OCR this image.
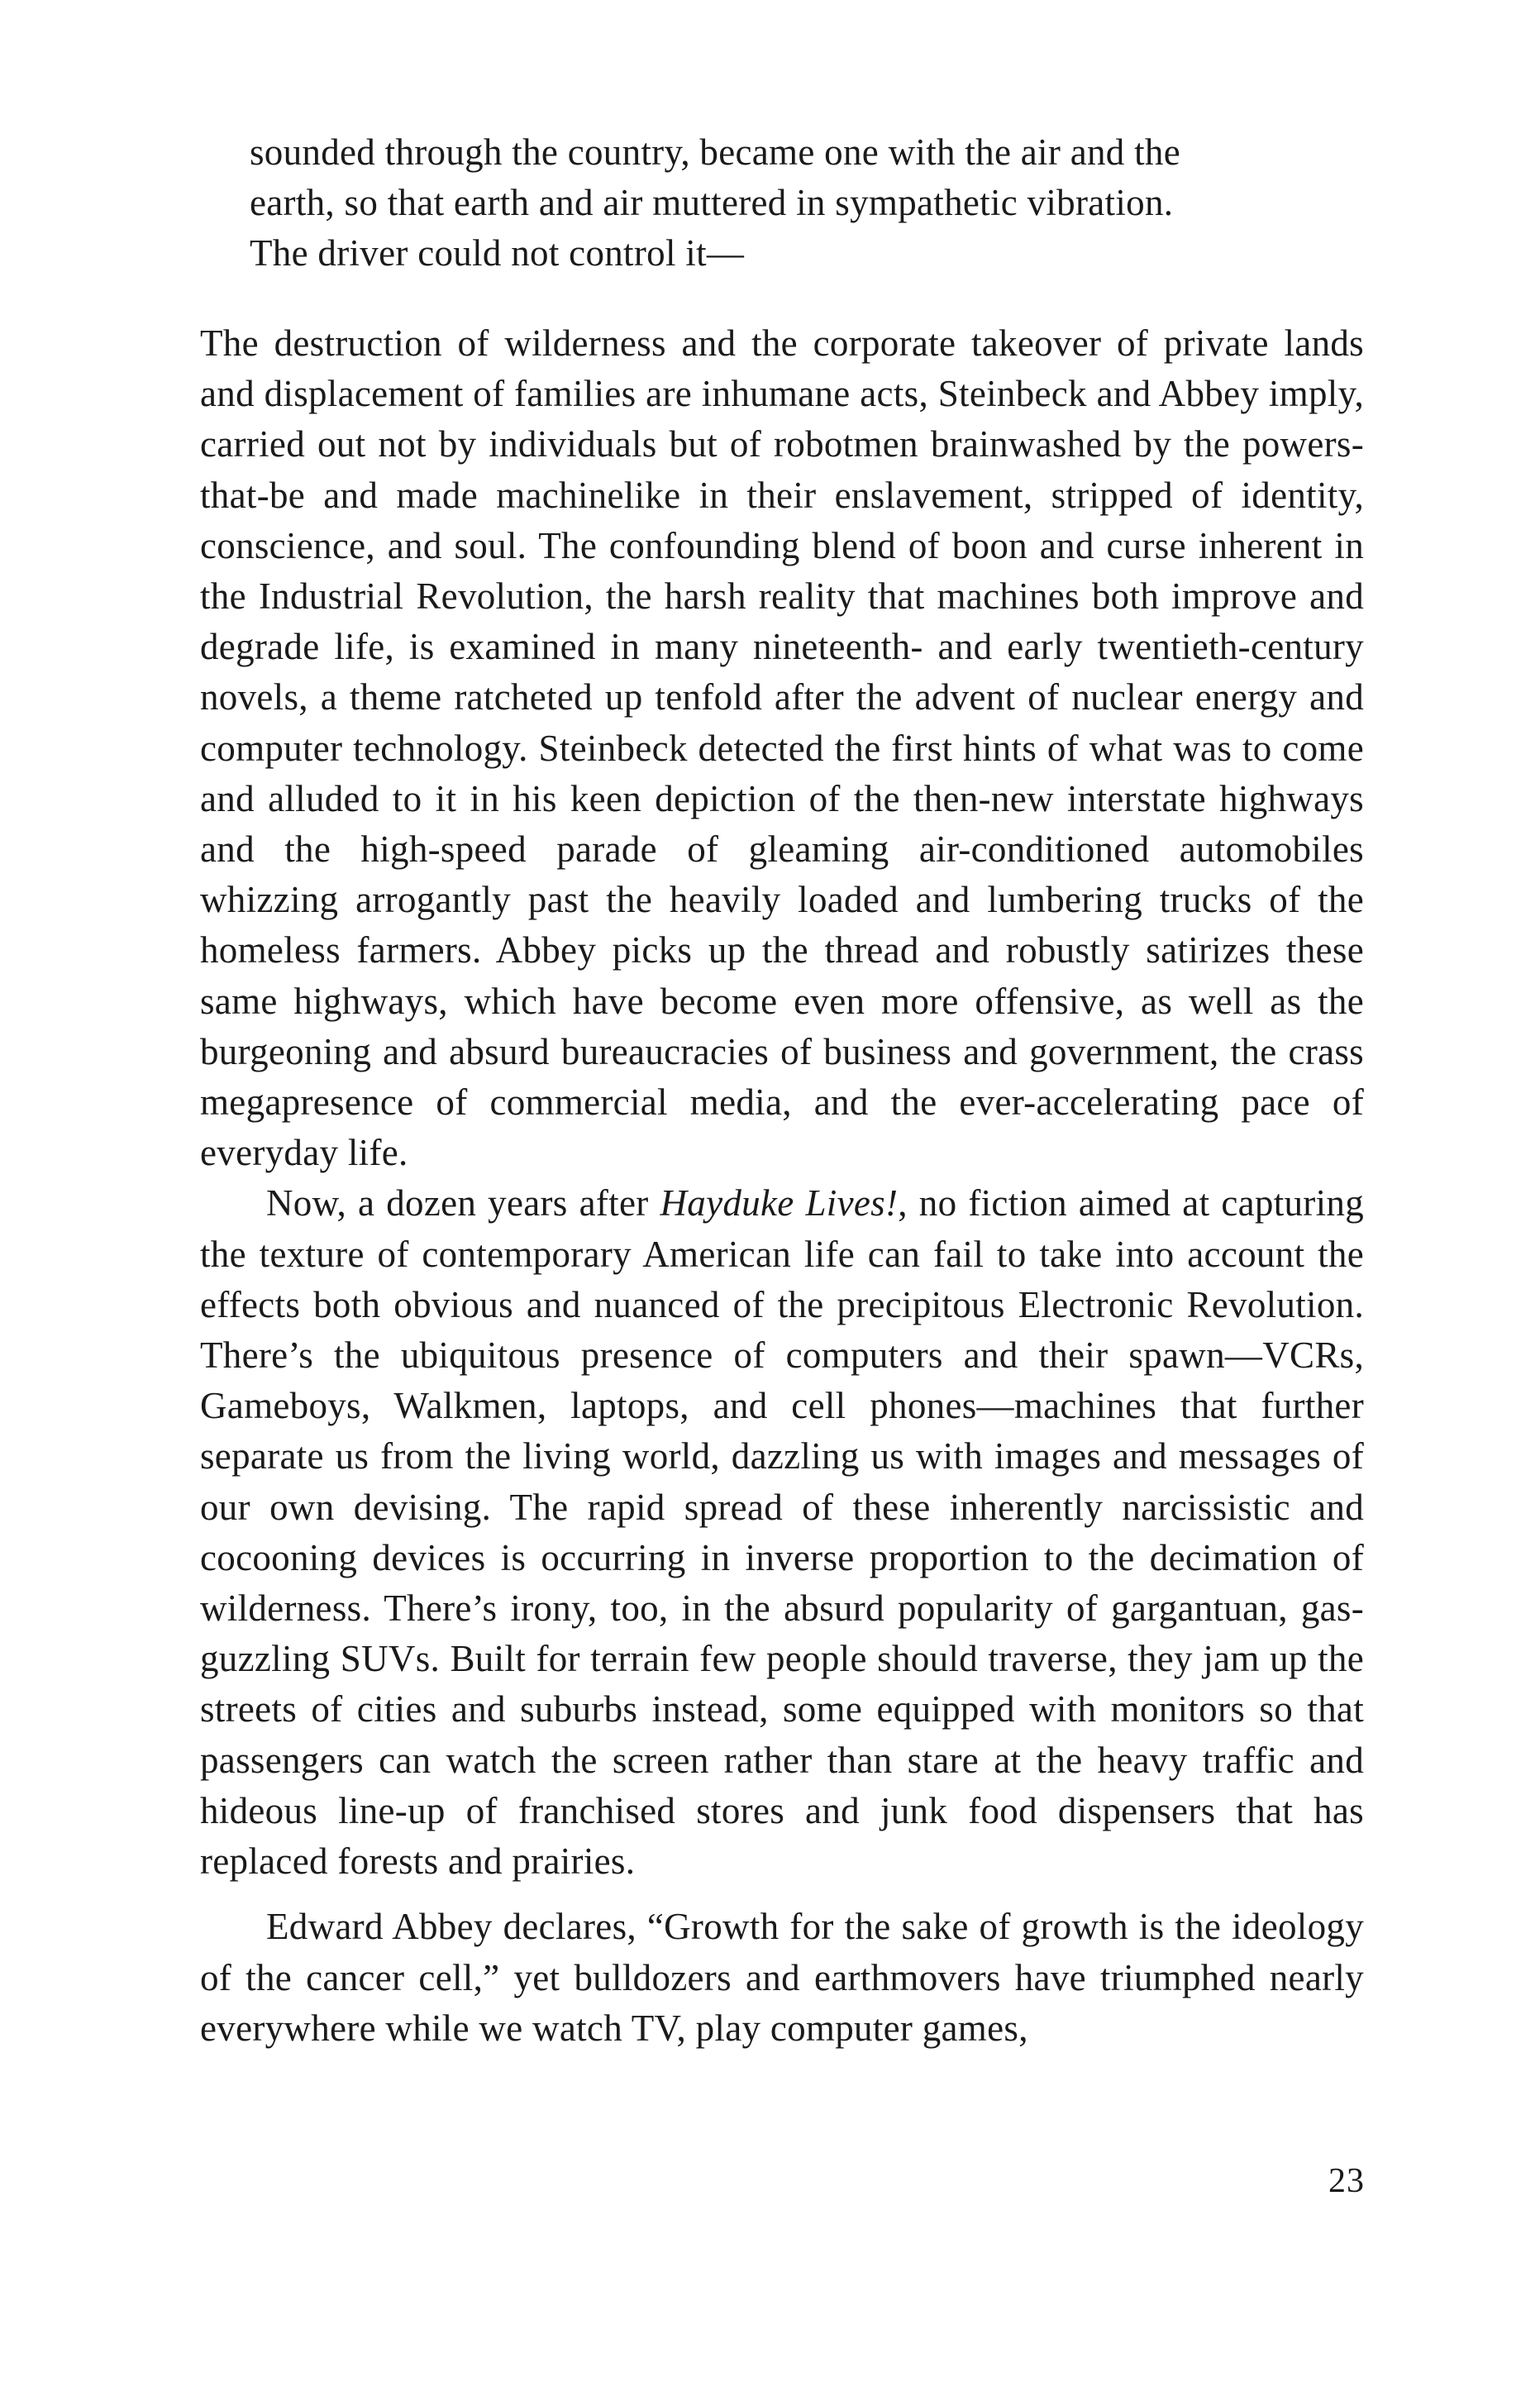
sounded through the country, became one with the air and the

earth, so that earth and air muttered in sympathetic vibration.

The driver could not control it—

The destruction of wilderness and the corporate takeover of private lands and displacement of families are inhumane acts, Steinbeck and Abbey imply, carried out not by individuals but of robotmen brainwashed by the powers-that-be and made machinelike in their enslavement, stripped of identity, conscience, and soul. The confounding blend of boon and curse inherent in the Industrial Revolution, the harsh reality that machines both improve and degrade life, is examined in many nineteenth- and early twentieth-century novels, a theme ratcheted up tenfold after the advent of nuclear energy and computer technology. Steinbeck detected the first hints of what was to come and alluded to it in his keen depiction of the then-new interstate highways and the high-speed parade of gleaming air-conditioned automobiles whizzing arrogantly past the heavily loaded and lumbering trucks of the homeless farmers. Abbey picks up the thread and robustly satirizes these same highways, which have become even more offensive, as well as the burgeoning and absurd bureaucracies of business and government, the crass megapresence of commercial media, and the ever-accelerating pace of everyday life.

Now, a dozen years after Hayduke Lives!, no fiction aimed at capturing the texture of contemporary American life can fail to take into account the effects both obvious and nuanced of the precipitous Electronic Revolution. There’s the ubiquitous presence of computers and their spawn—VCRs, Gameboys, Walkmen, laptops, and cell phones—machines that further separate us from the living world, dazzling us with images and messages of our own devising. The rapid spread of these inherently narcissistic and cocooning devices is occurring in inverse proportion to the decimation of wilderness. There’s irony, too, in the absurd popularity of gargantuan, gas-guzzling SUVs. Built for terrain few people should traverse, they jam up the streets of cities and suburbs instead, some equipped with monitors so that passengers can watch the screen rather than stare at the heavy traffic and hideous line-up of franchised stores and junk food dispensers that has replaced forests and prairies.

Edward Abbey declares, “Growth for the sake of growth is the ideology of the cancer cell,” yet bulldozers and earthmovers have triumphed nearly everywhere while we watch TV, play computer games,

23
